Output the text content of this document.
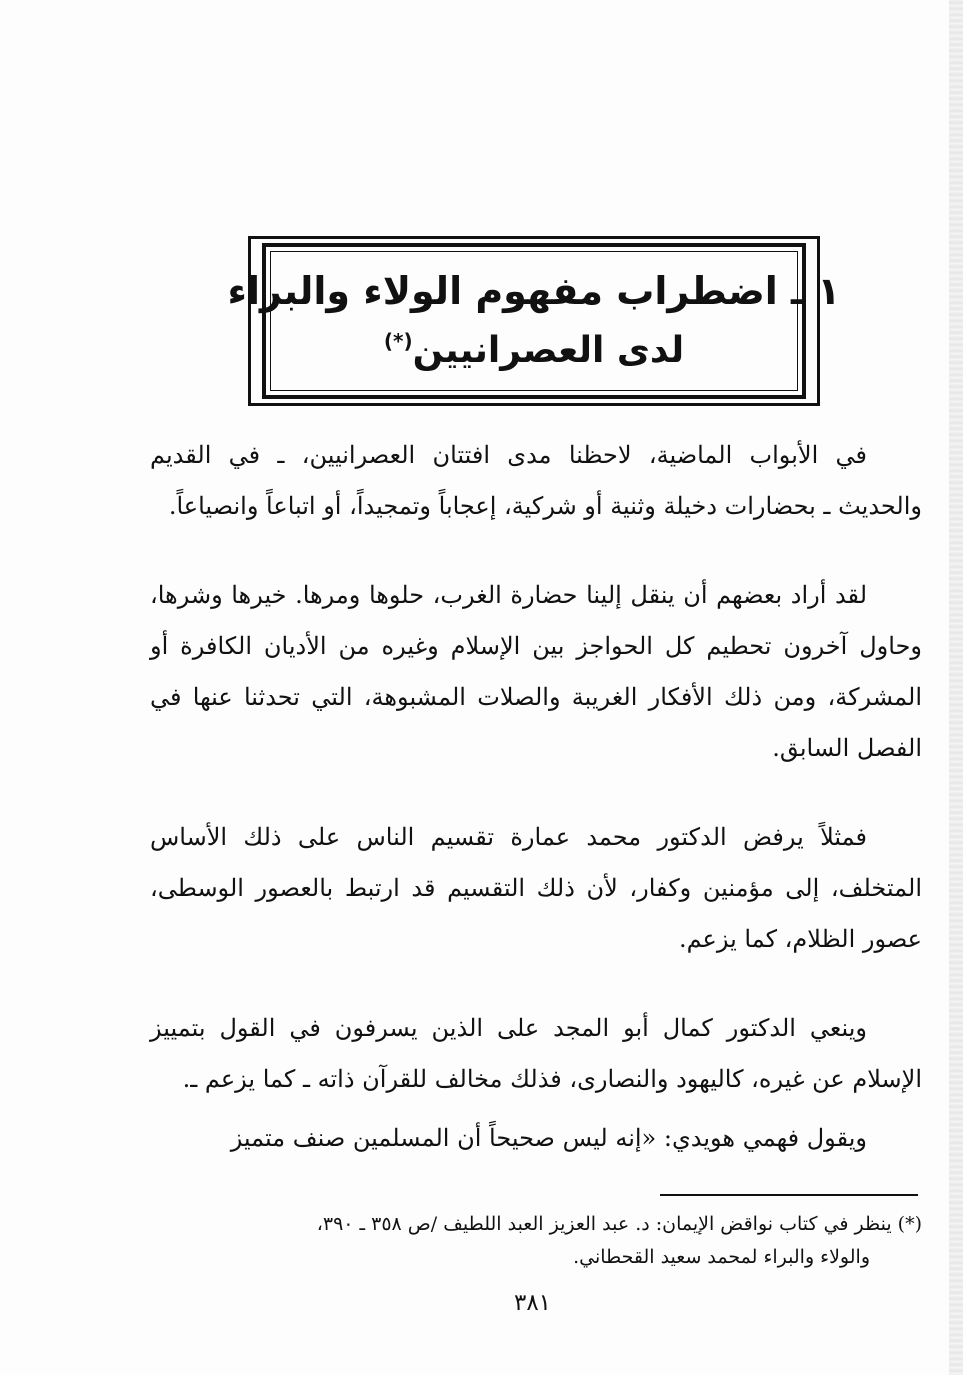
١ ـ اضطراب مفهوم الولاء والبراء
لدى العصرانيين(*)

في الأبواب الماضية، لاحظنا مدى افتتان العصرانيين، ـ في القديم والحديث ـ بحضارات دخيلة وثنية أو شركية، إعجاباً وتمجيداً، أو اتباعاً وانصياعاً.

لقد أراد بعضهم أن ينقل إلينا حضارة الغرب، حلوها ومرها. خيرها وشرها، وحاول آخرون تحطيم كل الحواجز بين الإسلام وغيره من الأديان الكافرة أو المشركة، ومن ذلك الأفكار الغريبة والصلات المشبوهة، التي تحدثنا عنها في الفصل السابق.

فمثلاً يرفض الدكتور محمد عمارة تقسيم الناس على ذلك الأساس المتخلف، إلى مؤمنين وكفار، لأن ذلك التقسيم قد ارتبط بالعصور الوسطى، عصور الظلام، كما يزعم.

وينعي الدكتور كمال أبو المجد على الذين يسرفون في القول بتمييز الإسلام عن غيره، كاليهود والنصارى، فذلك مخالف للقرآن ذاته ـ كما يزعم ـ.

ويقول فهمي هويدي: «إنه ليس صحيحاً أن المسلمين صنف متميز

(*) ينظر في كتاب نواقض الإيمان: د. عبد العزيز العبد اللطيف /ص ٣٥٨ ـ ٣٩٠،
والولاء والبراء لمحمد سعيد القحطاني.
٣٨١
